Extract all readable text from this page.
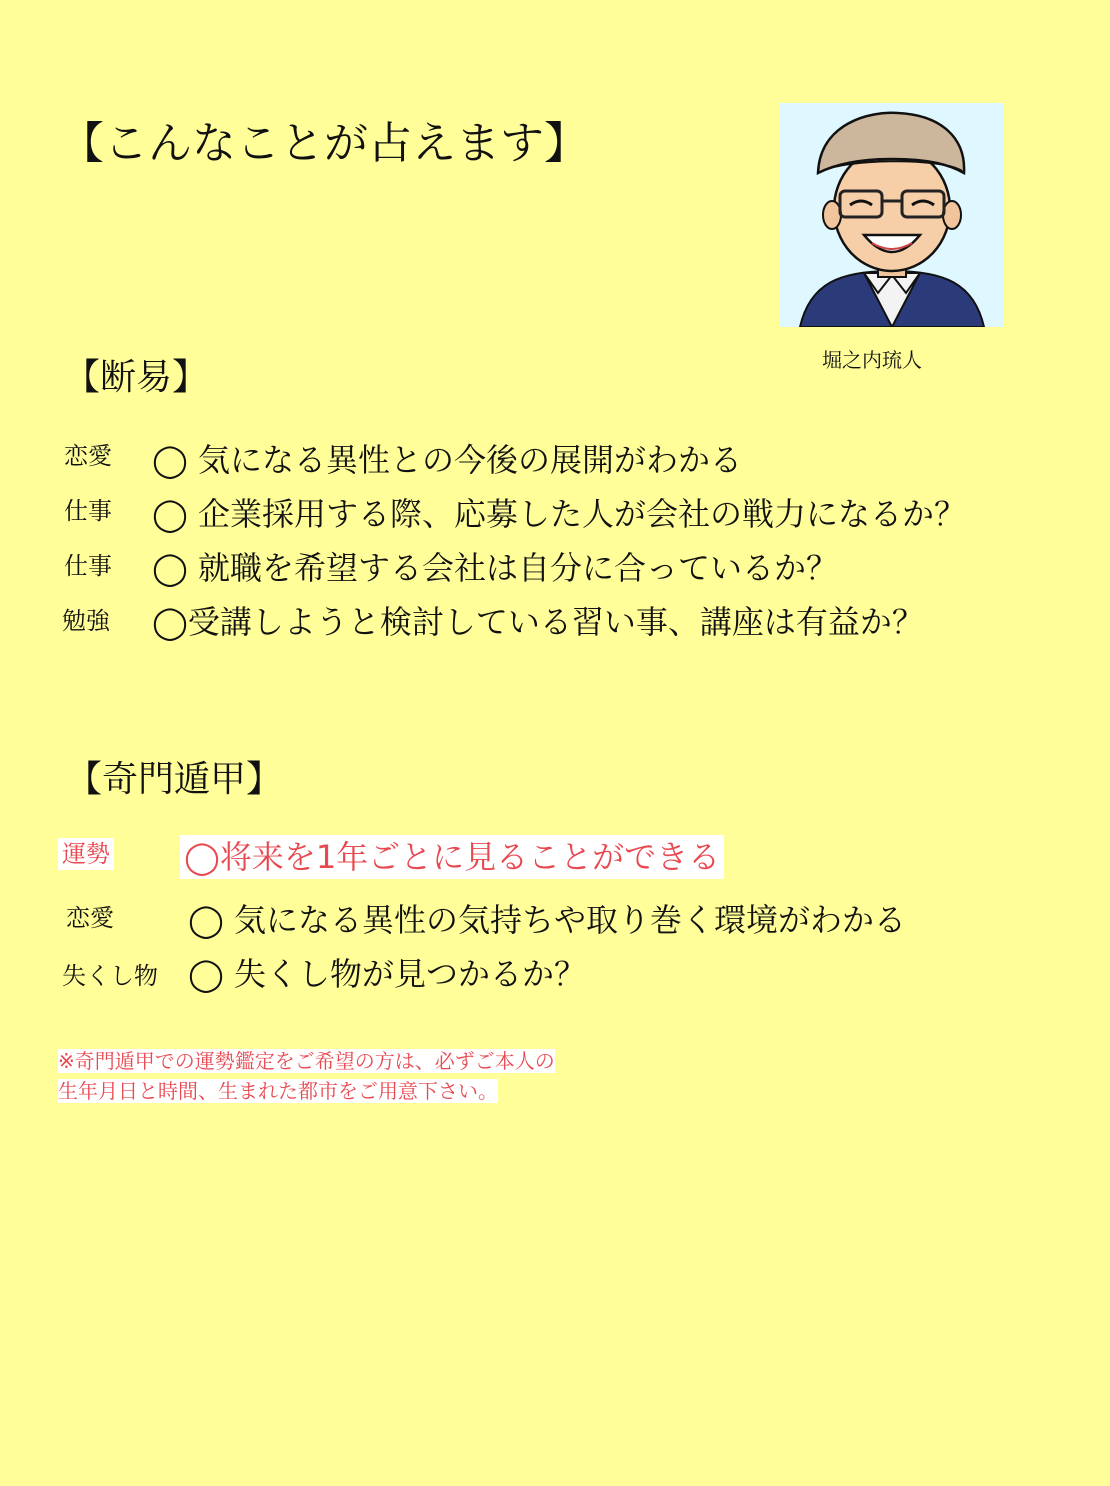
【こんなことが占えます】
堀之内琉人
【断易】
恋愛 ◯ 気になる異性との今後の展開がわかる
仕事 ◯ 企業採用する際、応募した人が会社の戦力になるか？
仕事 ◯ 就職を希望する会社は自分に合っているか？
勉強 ◯受講しようと検討している習い事、講座は有益か？
【奇門遁甲】
運勢 ◯将来を1年ごとに見ることができる
恋愛 ◯ 気になる異性の気持ちや取り巻く環境がわかる
失くし物 ◯ 失くし物が見つかるか？
※奇門遁甲での運勢鑑定をご希望の方は、必ずご本人の
生年月日と時間、生まれた都市をご用意下さい。
